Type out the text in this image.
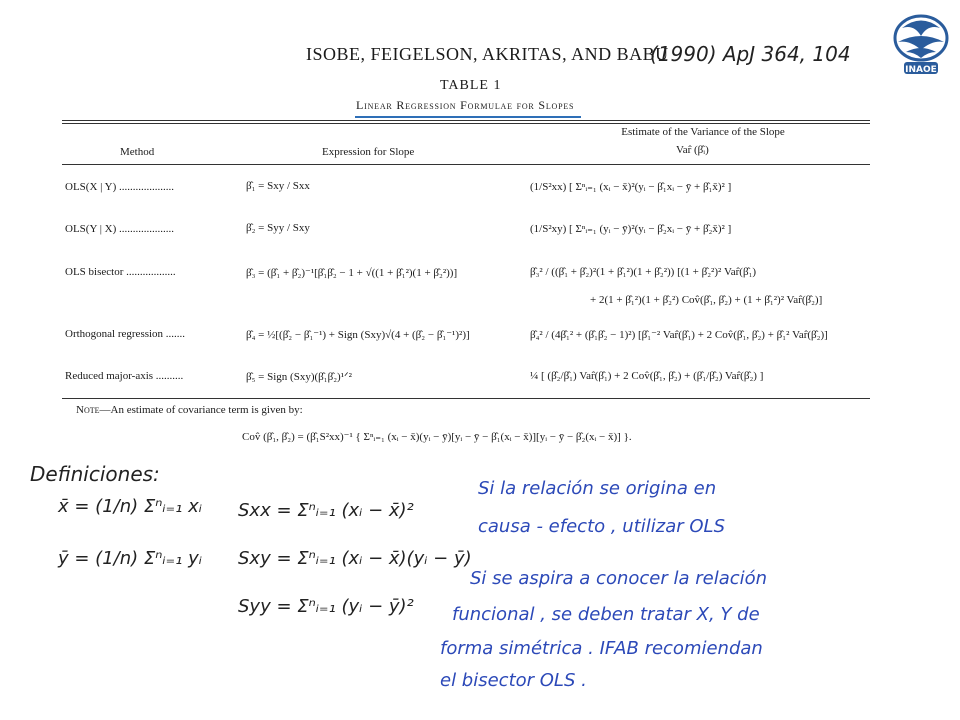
ISOBE, FEIGELSON, AKRITAS, AND BABU
(1990) ApJ 364, 104
INAOE
TABLE 1
Linear Regression Formulae for Slopes
Method	Expression for Slope
Estimate of the Variance of the Slope
Var̂ (β̂ᵢ)
OLS(X | Y) ....................	β̂₁ = Sxy / Sxx	(1/S²xx) [ Σⁿᵢ₌₁ (xᵢ − x̄)²(yᵢ − β̂₁xᵢ − ȳ + β̂₁x̄)² ]
OLS(Y | X) ....................	β̂₂ = Syy / Sxy	(1/S²xy) [ Σⁿᵢ₌₁ (yᵢ − ȳ)²(yᵢ − β̂₂xᵢ − ȳ + β̂₂x̄)² ]
OLS bisector ..................	β̂₃ = (β̂₁ + β̂₂)⁻¹[β̂₁β̂₂ − 1 + √((1 + β̂₁²)(1 + β̂₂²))]	β̂₃² / ((β̂₁ + β̂₂)²(1 + β̂₁²)(1 + β̂₂²)) [(1 + β̂₂²)² Var̂(β̂₁)
+ 2(1 + β̂₁²)(1 + β̂₂²) Cov̂(β̂₁, β̂₂) + (1 + β̂₁²)² Var̂(β̂₂)]
Orthogonal regression .......	β̂₄ = ½[(β̂₂ − β̂₁⁻¹) + Sign (Sxy)√(4 + (β̂₂ − β̂₁⁻¹)²)]	β̂₄² / (4β̂₁² + (β̂₁β̂₂ − 1)²) [β̂₁⁻² Var̂(β̂₁) + 2 Cov̂(β̂₁, β̂₂) + β̂₁² Var̂(β̂₂)]
Reduced major-axis ..........	β̂₅ = Sign (Sxy)(β̂₁β̂₂)¹ᐟ²	¼ [ (β̂₂/β̂₁) Var̂(β̂₁) + 2 Cov̂(β̂₁, β̂₂) + (β̂₁/β̂₂) Var̂(β̂₂) ]
Note—An estimate of covariance term is given by:
Cov̂ (β̂₁, β̂₂) = (β̂₁S²xx)⁻¹ { Σⁿᵢ₌₁ (xᵢ − x̄)(yᵢ − ȳ)[yᵢ − ȳ − β̂₁(xᵢ − x̄)][yᵢ − ȳ − β̂₂(xᵢ − x̄)] }.
Definiciones:
x̄ = (1/n) Σⁿᵢ₌₁ xᵢ
ȳ = (1/n) Σⁿᵢ₌₁ yᵢ
Sxx = Σⁿᵢ₌₁ (xᵢ − x̄)²
Sxy = Σⁿᵢ₌₁ (xᵢ − x̄)(yᵢ − ȳ)
Syy = Σⁿᵢ₌₁ (yᵢ − ȳ)²
Si la relación se origina en
causa - efecto , utilizar OLS
Si se aspira a conocer la relación
funcional , se deben tratar X, Y de
forma simétrica . IFAB recomiendan
el bisector OLS .
